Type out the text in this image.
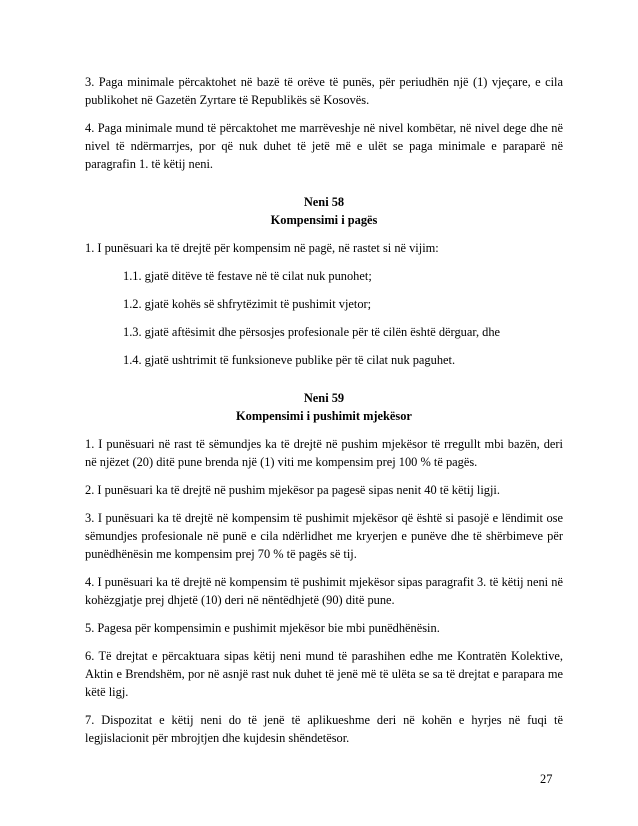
3. Paga minimale përcaktohet në bazë të orëve të punës, për periudhën një (1) vjeçare, e cila publikohet në Gazetën Zyrtare të Republikës së Kosovës.

4. Paga minimale mund të përcaktohet me marrëveshje në nivel kombëtar, në nivel dege dhe në nivel të ndërmarrjes, por që nuk duhet të jetë më e ulët se paga minimale e paraparë në paragrafin 1. të këtij neni.

Neni 58
Kompensimi i pagës

1. I punësuari ka të drejtë për kompensim në pagë, në rastet si në vijim:

1.1. gjatë ditëve të festave në të cilat nuk punohet;

1.2. gjatë kohës së shfrytëzimit të pushimit vjetor;

1.3. gjatë aftësimit dhe përsosjes profesionale për të cilën është dërguar, dhe

1.4. gjatë ushtrimit të funksioneve publike për të cilat nuk paguhet.

Neni 59
Kompensimi i pushimit mjekësor

1. I punësuari në rast të sëmundjes ka të drejtë në pushim mjekësor të rregullt mbi bazën, deri në njëzet (20) ditë pune brenda një (1) viti me kompensim prej 100 % të pagës.

2. I punësuari ka të drejtë në pushim mjekësor pa pagesë sipas nenit 40 të këtij ligji.

3. I punësuari ka të drejtë në kompensim të pushimit mjekësor që është si pasojë e lëndimit ose sëmundjes profesionale në punë e cila ndërlidhet me kryerjen e punëve dhe të shërbimeve për punëdhënësin me kompensim prej 70 % të pagës së tij.

4. I punësuari ka të drejtë në kompensim të pushimit mjekësor sipas paragrafit 3. të këtij neni në kohëzgjatje prej dhjetë (10) deri në nëntëdhjetë (90) ditë pune.

5. Pagesa për kompensimin e pushimit mjekësor bie mbi punëdhënësin.

6. Të drejtat e përcaktuara sipas këtij neni mund të parashihen edhe me Kontratën Kolektive, Aktin e Brendshëm, por në asnjë rast nuk duhet të jenë më të ulëta se sa të drejtat e parapara me këtë ligj.

7. Dispozitat e këtij neni do të jenë të aplikueshme deri në kohën e hyrjes në fuqi të legjislacionit për mbrojtjen dhe kujdesin shëndetësor.

27
